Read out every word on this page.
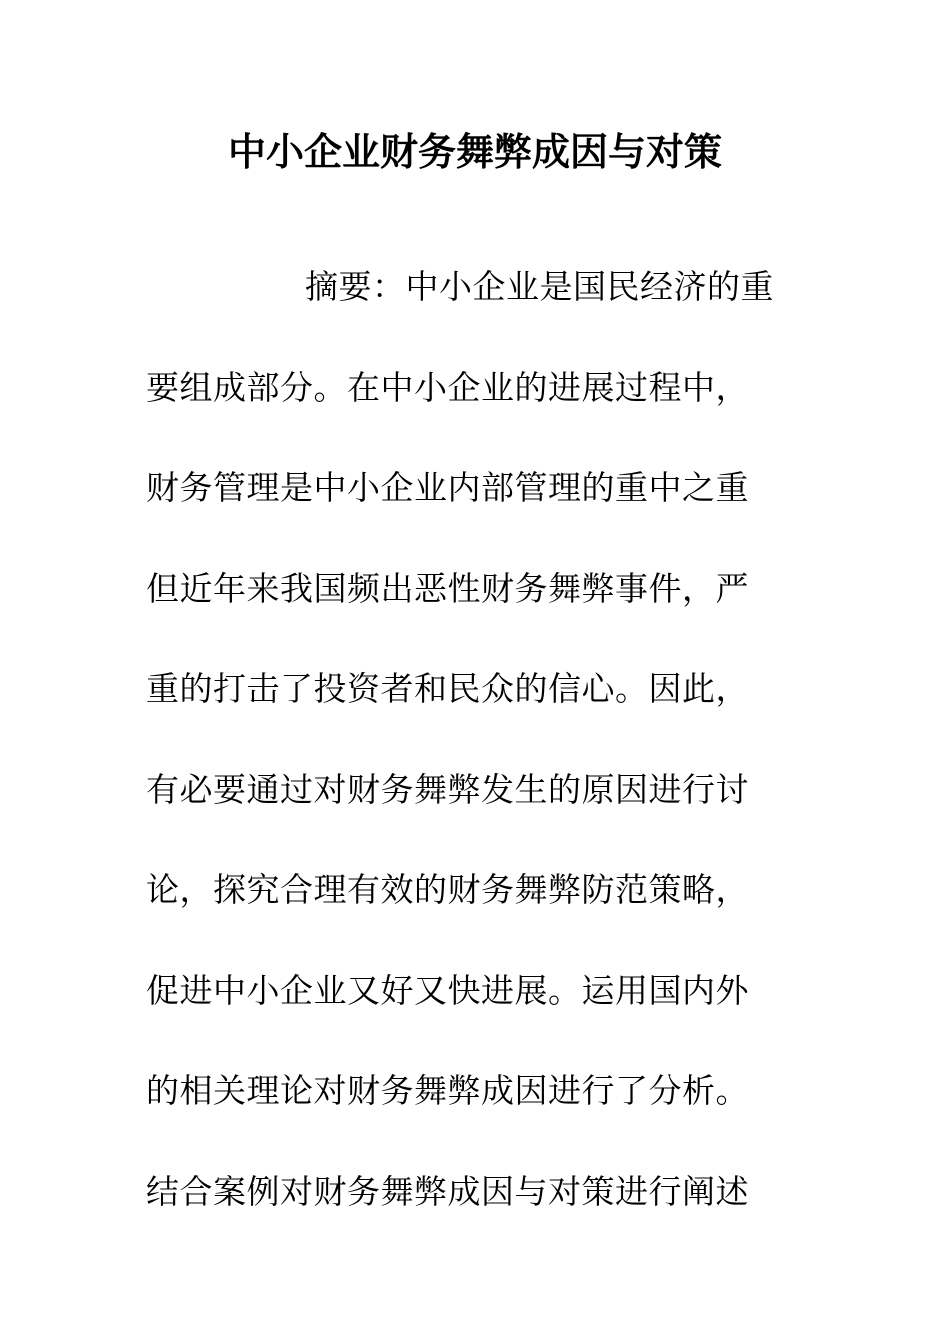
中小企业财务舞弊成因与对策
摘要：中小企业是国民经济的重
要组成部分。在中小企业的进展过程中，
财务管理是中小企业内部管理的重中之重
但近年来我国频出恶性财务舞弊事件，严
重的打击了投资者和民众的信心。因此，
有必要通过对财务舞弊发生的原因进行讨
论，探究合理有效的财务舞弊防范策略，
促进中小企业又好又快进展。运用国内外
的相关理论对财务舞弊成因进行了分析。
结合案例对财务舞弊成因与对策进行阐述
